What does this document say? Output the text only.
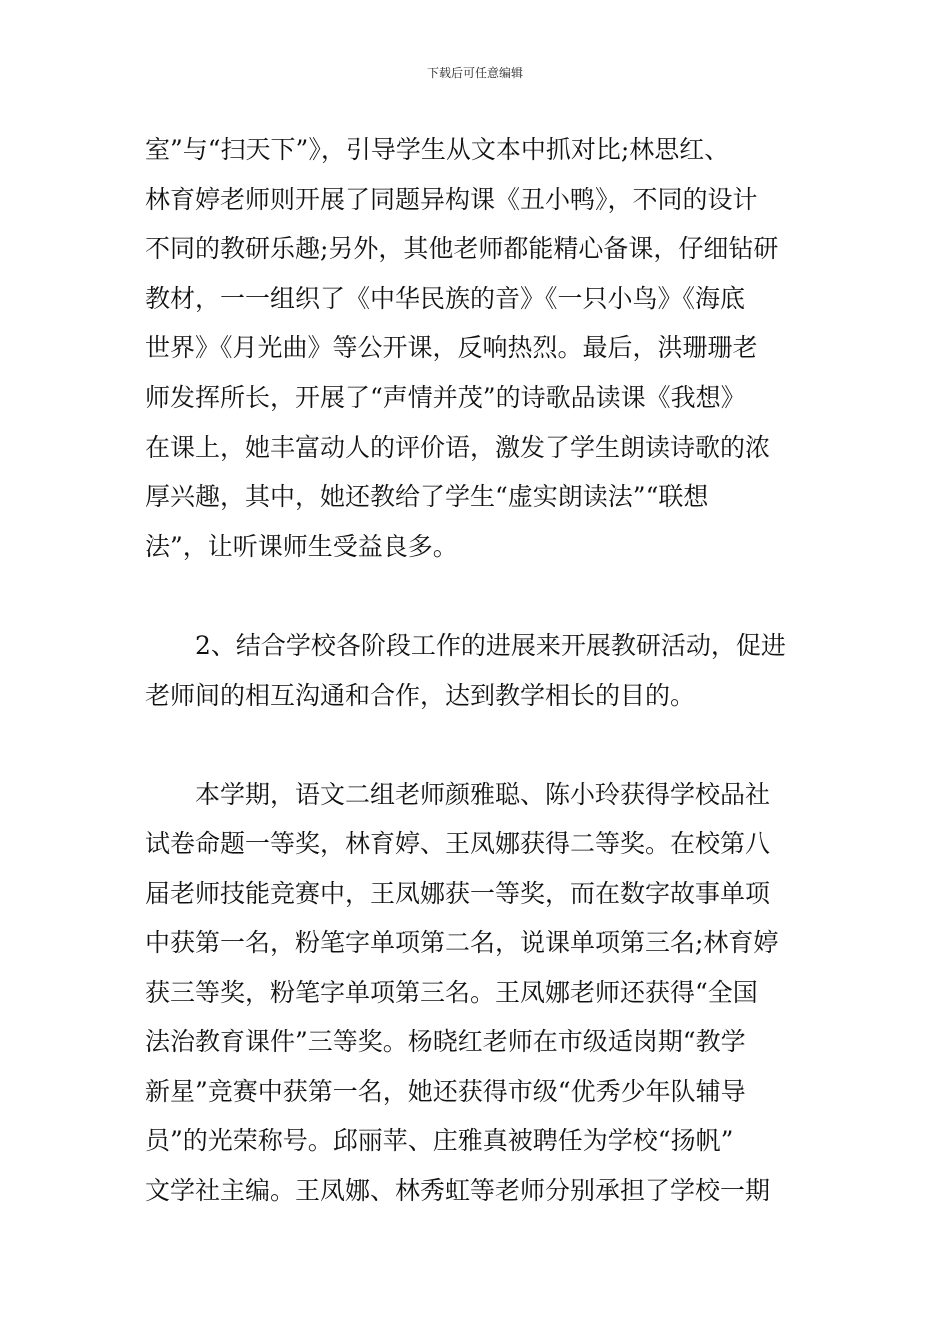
下载后可任意编辑
室”与“扫天下”》，引导学生从文本中抓对比;林思红、
林育婷老师则开展了同题异构课《丑小鸭》，不同的设计
不同的教研乐趣;另外，其他老师都能精心备课，仔细钻研
教材，一一组织了《中华民族的音》《一只小鸟》《海底
世界》《月光曲》等公开课，反响热烈。最后，洪珊珊老
师发挥所长，开展了“声情并茂”的诗歌品读课《我想》
在课上，她丰富动人的评价语，激发了学生朗读诗歌的浓
厚兴趣，其中，她还教给了学生“虚实朗读法”“联想
法”，让听课师生受益良多。
2、结合学校各阶段工作的进展来开展教研活动，促进
老师间的相互沟通和合作，达到教学相长的目的。
本学期，语文二组老师颜雅聪、陈小玲获得学校品社
试卷命题一等奖，林育婷、王凤娜获得二等奖。在校第八
届老师技能竞赛中，王凤娜获一等奖，而在数字故事单项
中获第一名，粉笔字单项第二名，说课单项第三名;林育婷
获三等奖，粉笔字单项第三名。王凤娜老师还获得“全国
法治教育课件”三等奖。杨晓红老师在市级适岗期“教学
新星”竞赛中获第一名，她还获得市级“优秀少年队辅导
员”的光荣称号。邱丽苹、庄雅真被聘任为学校“扬帆”
文学社主编。王凤娜、林秀虹等老师分别承担了学校一期
